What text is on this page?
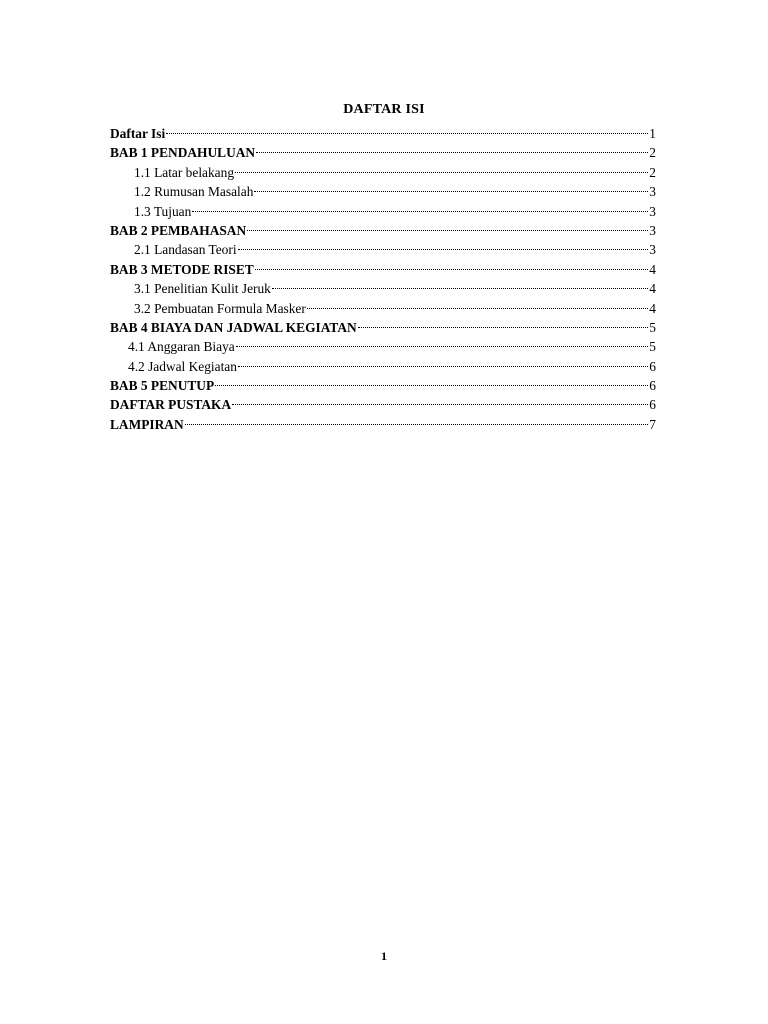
DAFTAR ISI
Daftar Isi	1
BAB 1 PENDAHULUAN	2
1.1 Latar belakang	2
1.2 Rumusan Masalah	3
1.3 Tujuan	3
BAB 2 PEMBAHASAN	3
2.1 Landasan Teori	3
BAB 3 METODE RISET	4
3.1 Penelitian Kulit Jeruk	4
3.2 Pembuatan Formula Masker	4
BAB 4 BIAYA DAN JADWAL KEGIATAN	5
4.1 Anggaran Biaya	5
4.2 Jadwal Kegiatan	6
BAB 5 PENUTUP	6
DAFTAR PUSTAKA	6
LAMPIRAN	7
1
